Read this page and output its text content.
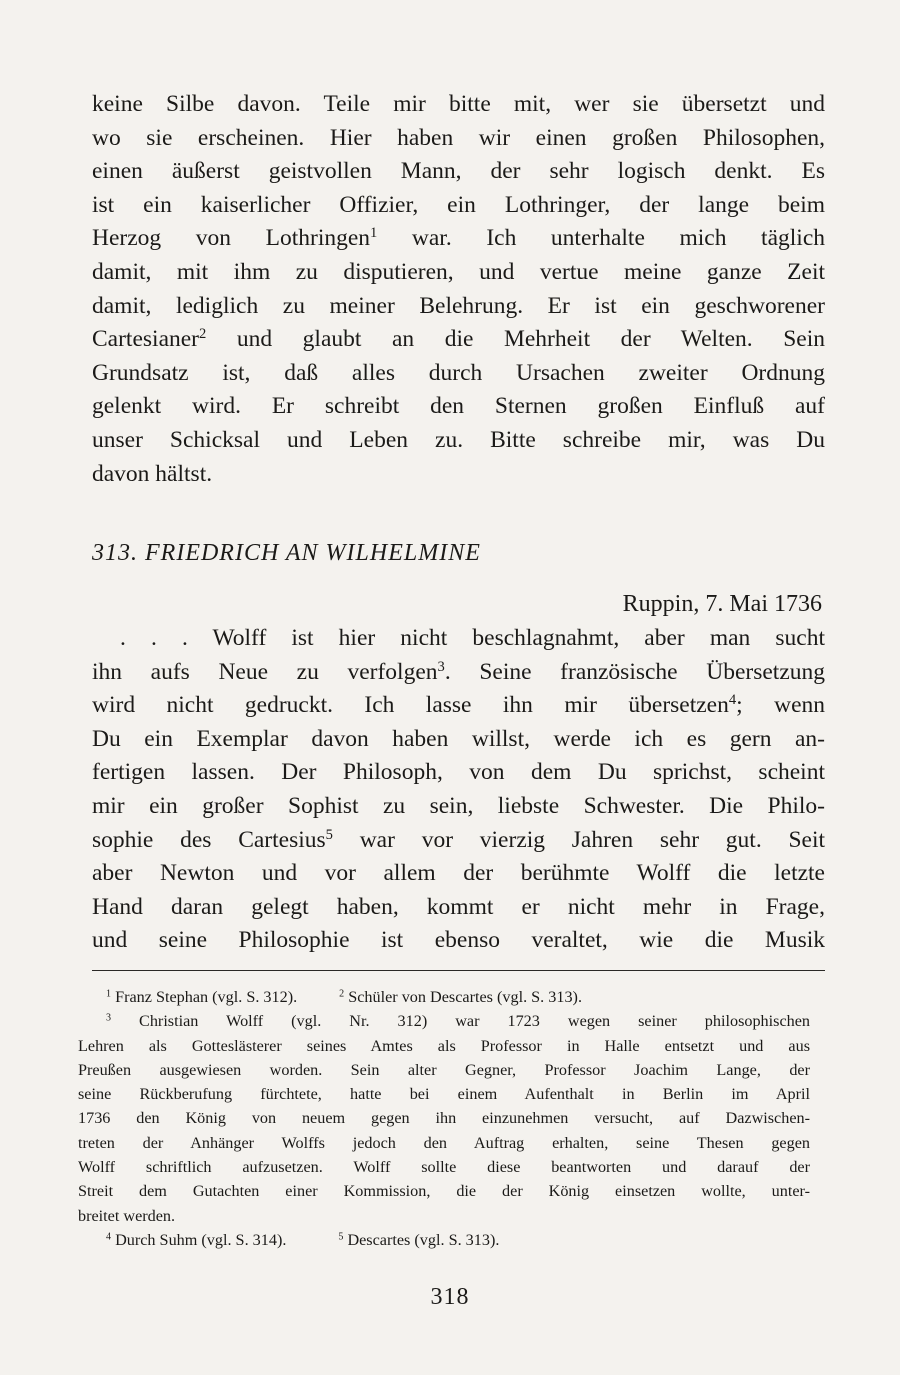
keine Silbe davon. Teile mir bitte mit, wer sie übersetzt und
wo sie erscheinen. Hier haben wir einen großen Philosophen,
einen äußerst geistvollen Mann, der sehr logisch denkt. Es
ist ein kaiserlicher Offizier, ein Lothringer, der lange beim
Herzog von Lothringen$^1$ war. Ich unterhalte mich täglich
damit, mit ihm zu disputieren, und vertue meine ganze Zeit
damit, lediglich zu meiner Belehrung. Er ist ein geschworener
Cartesianer$^2$ und glaubt an die Mehrheit der Welten. Sein
Grundsatz ist, daß alles durch Ursachen zweiter Ordnung
gelenkt wird. Er schreibt den Sternen großen Einfluß auf
unser Schicksal und Leben zu. Bitte schreibe mir, was Du
davon hältst.
313. FRIEDRICH AN WILHELMINE
Ruppin, 7. Mai 1736
. . . Wolff ist hier nicht beschlagnahmt, aber man sucht
ihn aufs Neue zu verfolgen$^3$. Seine französische Übersetzung
wird nicht gedruckt. Ich lasse ihn mir übersetzen$^4$; wenn
Du ein Exemplar davon haben willst, werde ich es gern an-
fertigen lassen. Der Philosoph, von dem Du sprichst, scheint
mir ein großer Sophist zu sein, liebste Schwester. Die Philo-
sophie des Cartesius$^5$ war vor vierzig Jahren sehr gut. Seit
aber Newton und vor allem der berühmte Wolff die letzte
Hand daran gelegt haben, kommt er nicht mehr in Frage,
und seine Philosophie ist ebenso veraltet, wie die Musik
$^1$ Franz Stephan (vgl. S. 312).	$^2$ Schüler von Descartes (vgl. S. 313).
$^3$ Christian Wolff (vgl. Nr. 312) war 1723 wegen seiner philosophischen
Lehren als Gotteslästerer seines Amtes als Professor in Halle entsetzt und aus
Preußen ausgewiesen worden. Sein alter Gegner, Professor Joachim Lange, der
seine Rückberufung fürchtete, hatte bei einem Aufenthalt in Berlin im April
1736 den König von neuem gegen ihn einzunehmen versucht, auf Dazwischen-
treten der Anhänger Wolffs jedoch den Auftrag erhalten, seine Thesen gegen
Wolff schriftlich aufzusetzen. Wolff sollte diese beantworten und darauf der
Streit dem Gutachten einer Kommission, die der König einsetzen wollte, unter-
breitet werden.
$^4$ Durch Suhm (vgl. S. 314).	$^5$ Descartes (vgl. S. 313).
318
